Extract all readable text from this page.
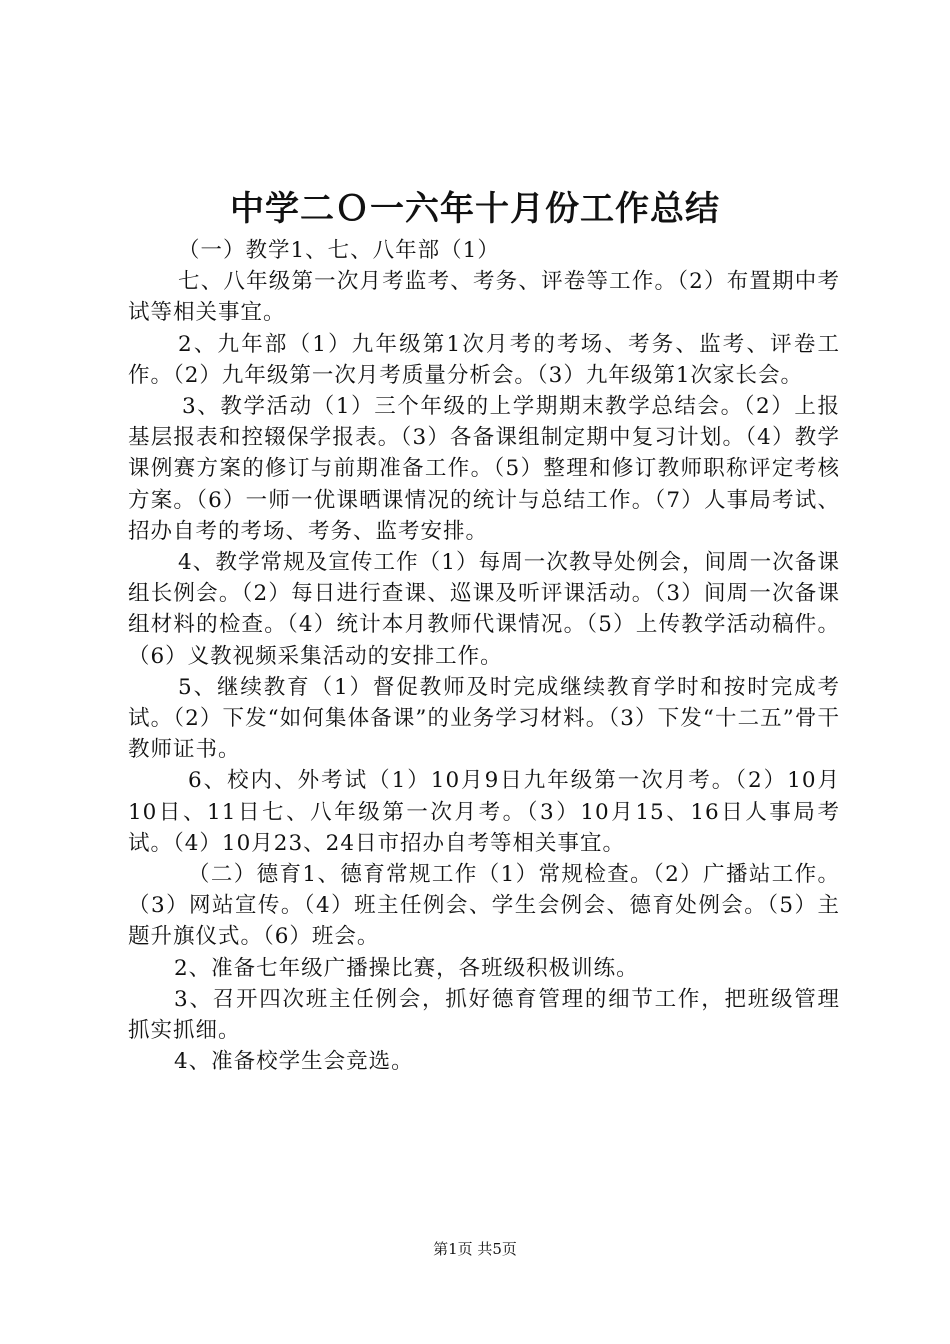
中学二Ｏ一六年十月份工作总结

（一）教学1、七、八年部（1）

七、八年级第一次月考监考、考务、评卷等工作。（2）布置期中考试等相关事宜。

2、九年部（1）九年级第1次月考的考场、考务、监考、评卷工作。（2）九年级第一次月考质量分析会。（3）九年级第1次家长会。

3、教学活动（1）三个年级的上学期期末教学总结会。（2）上报基层报表和控辍保学报表。（3）各备课组制定期中复习计划。（4）教学课例赛方案的修订与前期准备工作。（5）整理和修订教师职称评定考核方案。（6）一师一优课晒课情况的统计与总结工作。（7）人事局考试、招办自考的考场、考务、监考安排。

4、教学常规及宣传工作（1）每周一次教导处例会，间周一次备课组长例会。（2）每日进行查课、巡课及听评课活动。（3）间周一次备课组材料的检查。（4）统计本月教师代课情况。（5）上传教学活动稿件。（6）义教视频采集活动的安排工作。

5、继续教育（1）督促教师及时完成继续教育学时和按时完成考试。（2）下发“如何集体备课”的业务学习材料。（3）下发“十二五”骨干教师证书。

6、校内、外考试（1）10月9日九年级第一次月考。（2）10月10日、11日七、八年级第一次月考。（3）10月15、16日人事局考试。（4）10月23、24日市招办自考等相关事宜。

（二）德育1、德育常规工作（1）常规检查。（2）广播站工作。（3）网站宣传。（4）班主任例会、学生会例会、德育处例会。（5）主题升旗仪式。（6）班会。

2、准备七年级广播操比赛，各班级积极训练。

3、召开四次班主任例会，抓好德育管理的细节工作，把班级管理抓实抓细。

4、准备校学生会竞选。

第1页 共5页
